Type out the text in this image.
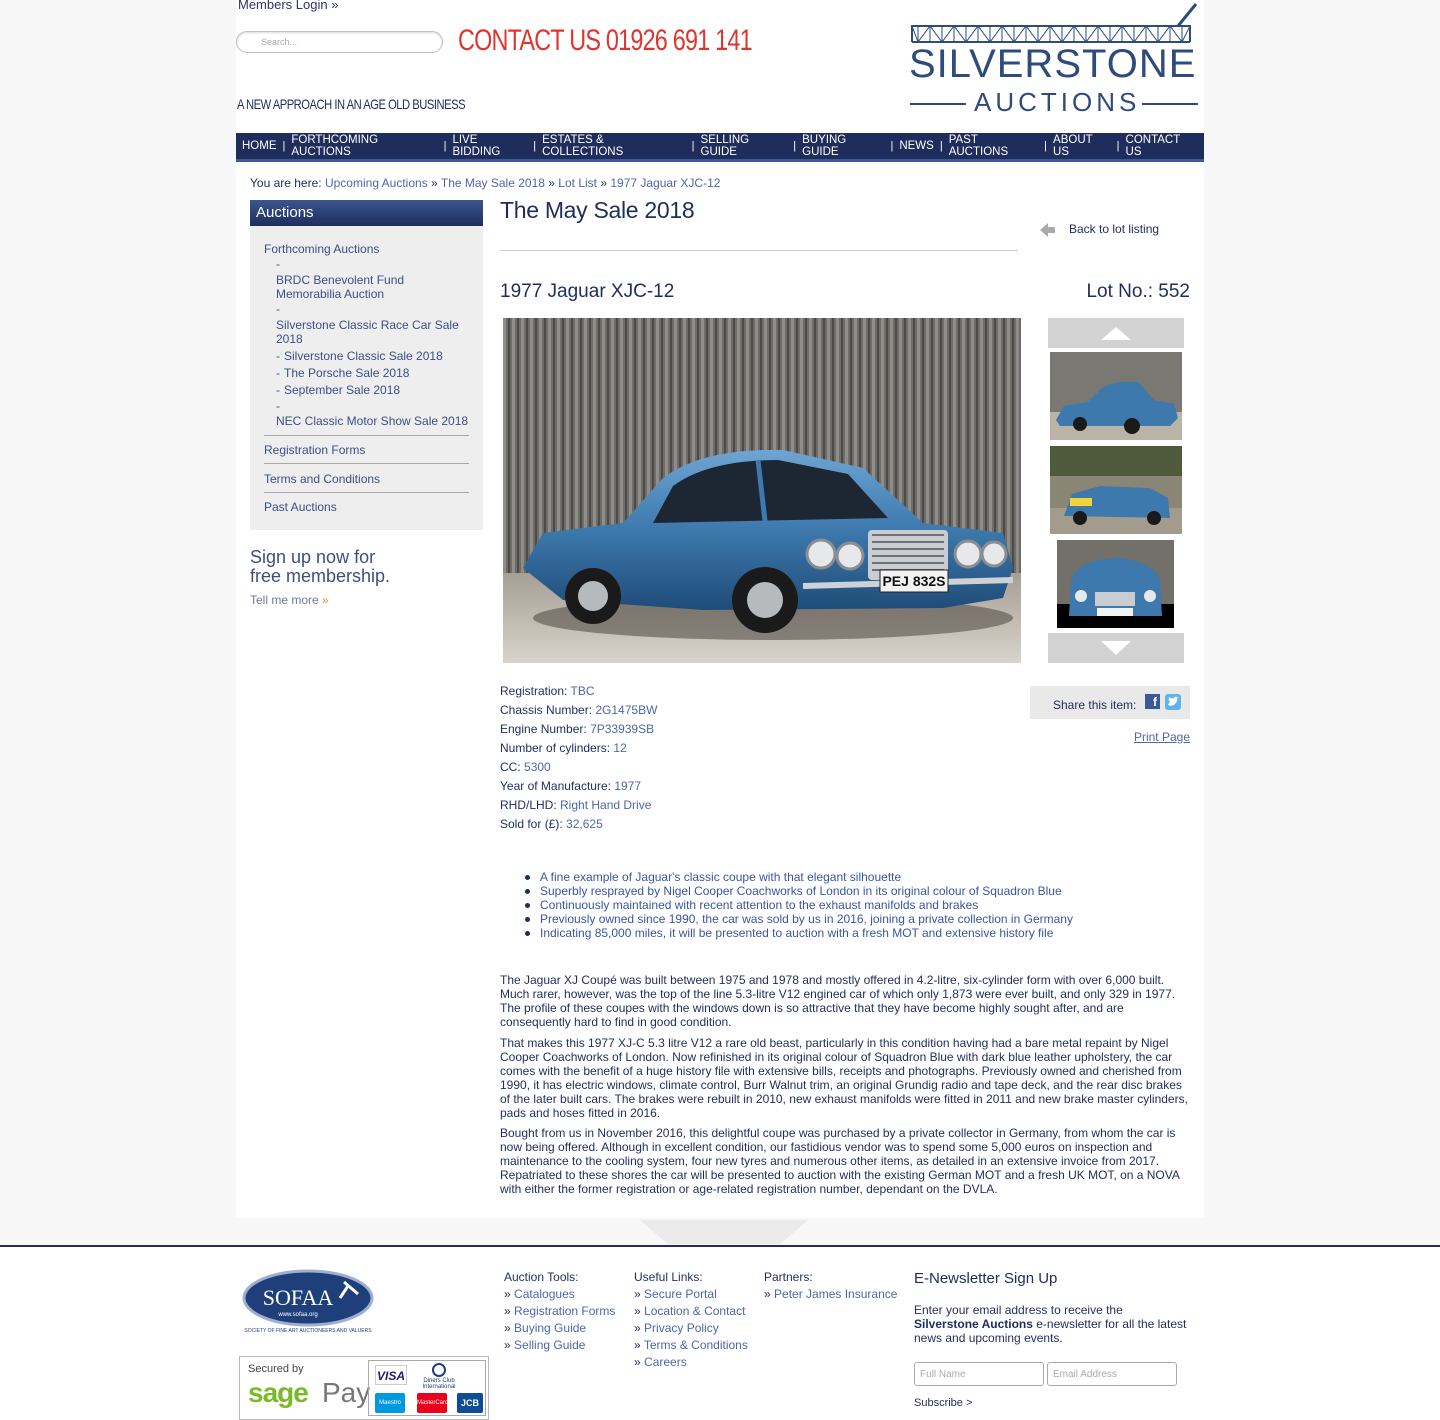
Members Login »
Search...	CONTACT US 01926 691 141
A NEW APPROACH IN AN AGE OLD BUSINESS
SILVERSTONE
AUCTIONS
HOME | FORTHCOMING AUCTIONS	| LIVE BIDDING	| ESTATES & COLLECTIONS	| SELLING GUIDE	| BUYING GUIDE	| NEWS | PAST AUCTIONS	| ABOUT US	| CONTACT US
You are here: Upcoming Auctions » The May Sale 2018 » Lot List » 1977 Jaguar XJC-12
Auctions
Forthcoming Auctions
-
BRDC Benevolent Fund Memorabilia Auction
-
Silverstone Classic Race Car Sale 2018
- Silverstone Classic Sale 2018
- The Porsche Sale 2018
- September Sale 2018
-
NEC Classic Motor Show Sale 2018
Registration Forms
Terms and Conditions
Past Auctions
Sign up now for
free membership.
Tell me more »
The May Sale 2018
Back to lot listing
1977 Jaguar XJC-12	Lot No.: 552
PEJ 832S
Registration: TBC
Chassis Number: 2G1475BW
Engine Number: 7P33939SB
Number of cylinders: 12
CC: 5300
Year of Manufacture: 1977
RHD/LHD: Right Hand Drive
Sold for (£): 32,625
Share this item:	f
Print Page
A fine example of Jaguar's classic coupe with that elegant silhouette
Superbly resprayed by Nigel Cooper Coachworks of London in its original colour of Squadron Blue
Continuously maintained with recent attention to the exhaust manifolds and brakes
Previously owned since 1990, the car was sold by us in 2016, joining a private collection in Germany
Indicating 85,000 miles, it will be presented to auction with a fresh MOT and extensive history file

The Jaguar XJ Coupé was built between 1975 and 1978 and mostly offered in 4.2-litre, six-cylinder form with over 6,000 built. Much rarer, however, was the top of the line 5.3-litre V12 engined car of which only 1,873 were ever built, and only 329 in 1977. The profile of these coupes with the windows down is so attractive that they have become highly sought after, and are consequently hard to find in good condition.

That makes this 1977 XJ-C 5.3 litre V12 a rare old beast, particularly in this condition having had a bare metal repaint by Nigel Cooper Coachworks of London. Now refinished in its original colour of Squadron Blue with dark blue leather upholstery, the car comes with the benefit of a huge history file with extensive bills, receipts and photographs. Previously owned and cherished from 1990, it has electric windows, climate control, Burr Walnut trim, an original Grundig radio and tape deck, and the rear disc brakes of the later built cars. The brakes were rebuilt in 2010, new exhaust manifolds were fitted in 2011 and new brake master cylinders, pads and hoses fitted in 2016.

Bought from us in November 2016, this delightful coupe was purchased by a private collector in Germany, from whom the car is now being offered. Although in excellent condition, our fastidious vendor was to spend some 5,000 euros on inspection and maintenance to the cooling system, four new tyres and numerous other items, as detailed in an extensive invoice from 2017. Repatriated to these shores the car will be presented to auction with the existing German MOT and a fresh UK MOT, on a NOVA with either the former registration or age-related registration number, dependant on the DVLA.

SOFAA
www.sofaa.org
SOCIETY OF FINE ART AUCTIONEERS AND VALUERS
Secured by
sage Pay
VISA	Diners Club International
Maestro	MasterCard	JCB
Auction Tools:
» Catalogues
» Registration Forms
» Buying Guide
» Selling Guide
Useful Links:
» Secure Portal
» Location & Contact
» Privacy Policy
» Terms & Conditions
» Careers
Partners:
» Peter James Insurance
E-Newsletter Sign Up
Enter your email address to receive the Silverstone Auctions e-newsletter for all the latest news and upcoming events.
Full Name	Email Address
Subscribe >
